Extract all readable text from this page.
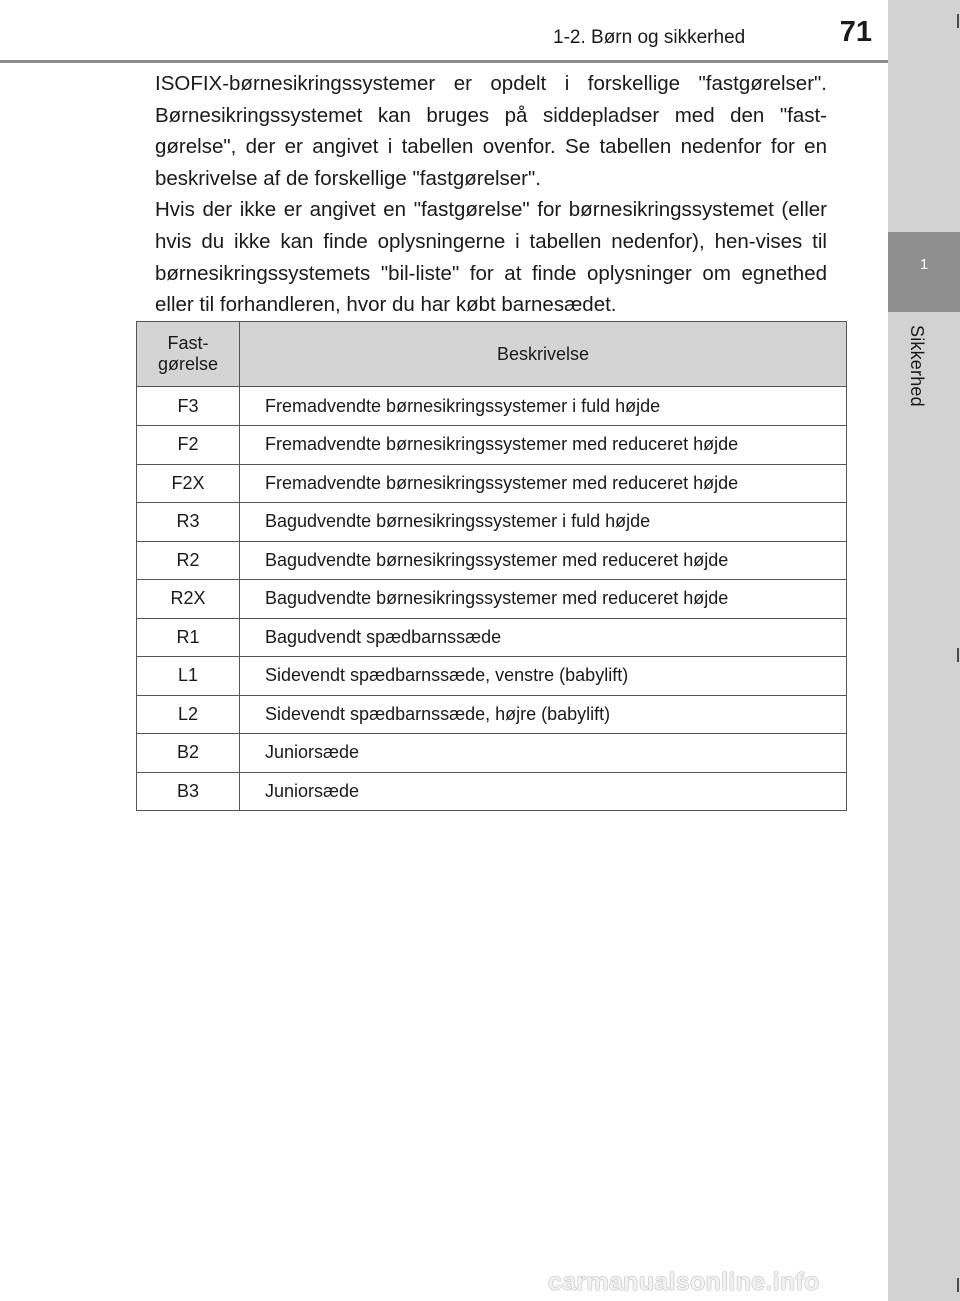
1-2. Børn og sikkerhed	71
1
Sikkerhed

ISOFIX-børnesikringssystemer er opdelt i forskellige "fastgørelser". Børnesikringssystemet kan bruges på siddepladser med den "fast-gørelse", der er angivet i tabellen ovenfor. Se tabellen nedenfor for en beskrivelse af de forskellige "fastgørelser".

Hvis der ikke er angivet en "fastgørelse" for børnesikringssystemet (eller hvis du ikke kan finde oplysningerne i tabellen nedenfor), hen-vises til børnesikringssystemets "bil-liste" for at finde oplysninger om egnethed eller til forhandleren, hvor du har købt barnesædet.

Fast-
gørelse	Beskrivelse
F3	Fremadvendte børnesikringssystemer i fuld højde
F2	Fremadvendte børnesikringssystemer med reduceret højde
F2X	Fremadvendte børnesikringssystemer med reduceret højde
R3	Bagudvendte børnesikringssystemer i fuld højde
R2	Bagudvendte børnesikringssystemer med reduceret højde
R2X	Bagudvendte børnesikringssystemer med reduceret højde
R1	Bagudvendt spædbarnssæde
L1	Sidevendt spædbarnssæde, venstre (babylift)
L2	Sidevendt spædbarnssæde, højre (babylift)
B2	Juniorsæde
B3	Juniorsæde
carmanualsonline.info
